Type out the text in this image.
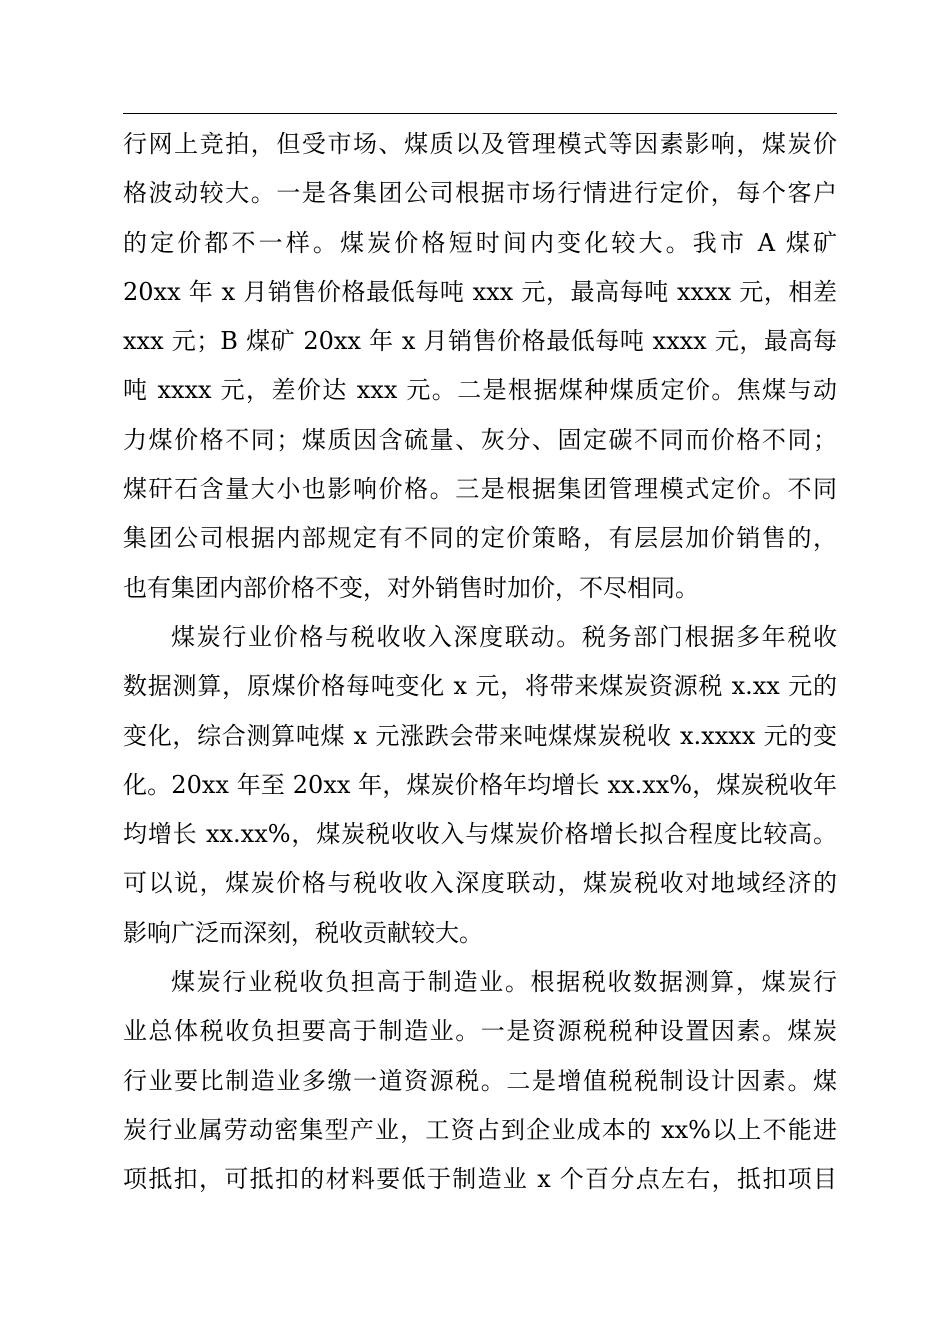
行网上竞拍，但受市场、煤质以及管理模式等因素影响，煤炭价
格波动较大。一是各集团公司根据市场行情进行定价，每个客户
的定价都不一样。煤炭价格短时间内变化较大。我市 A 煤矿
20xx 年 x 月销售价格最低每吨 xxx 元，最高每吨 xxxx 元，相差
xxx 元；B 煤矿 20xx 年 x 月销售价格最低每吨 xxxx 元，最高每
吨 xxxx 元，差价达 xxx 元。二是根据煤种煤质定价。焦煤与动
力煤价格不同；煤质因含硫量、灰分、固定碳不同而价格不同；
煤矸石含量大小也影响价格。三是根据集团管理模式定价。不同
集团公司根据内部规定有不同的定价策略，有层层加价销售的，
也有集团内部价格不变，对外销售时加价，不尽相同。
煤炭行业价格与税收收入深度联动。税务部门根据多年税收
数据测算，原煤价格每吨变化 x 元，将带来煤炭资源税 x.xx 元的
变化，综合测算吨煤 x 元涨跌会带来吨煤煤炭税收 x.xxxx 元的变
化。20xx 年至 20xx 年，煤炭价格年均增长 xx.xx%，煤炭税收年
均增长 xx.xx%，煤炭税收收入与煤炭价格增长拟合程度比较高。
可以说，煤炭价格与税收收入深度联动，煤炭税收对地域经济的
影响广泛而深刻，税收贡献较大。
煤炭行业税收负担高于制造业。根据税收数据测算，煤炭行
业总体税收负担要高于制造业。一是资源税税种设置因素。煤炭
行业要比制造业多缴一道资源税。二是增值税税制设计因素。煤
炭行业属劳动密集型产业，工资占到企业成本的 xx%以上不能进
项抵扣，可抵扣的材料要低于制造业 x 个百分点左右，抵扣项目
